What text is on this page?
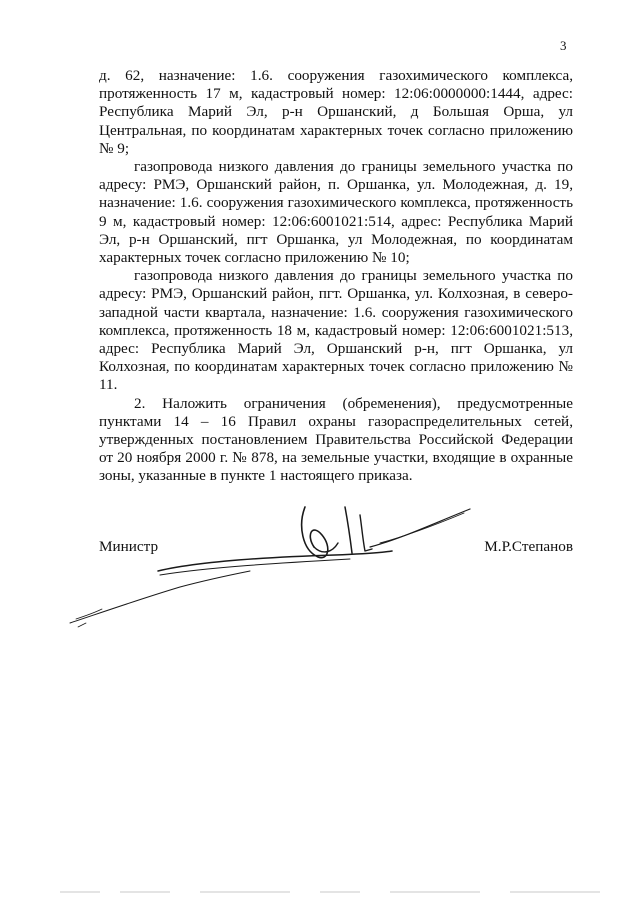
3

д. 62, назначение: 1.6. сооружения газохимического комплекса, протяженность 17 м, кадастровый номер: 12:06:0000000:1444, адрес: Республика Марий Эл, р-н Оршанский, д Большая Орша, ул Центральная, по координатам характерных точек согласно приложению № 9;

газопровода низкого давления до границы земельного участка по адресу: РМЭ, Оршанский район, п. Оршанка, ул. Молодежная, д. 19, назначение: 1.6. сооружения газохимического комплекса, протяженность 9 м, кадастровый номер: 12:06:6001021:514, адрес: Республика Марий Эл, р-н Оршанский, пгт Оршанка, ул Молодежная, по координатам характерных точек согласно приложению № 10;

газопровода низкого давления до границы земельного участка по адресу: РМЭ, Оршанский район, пгт. Оршанка, ул. Колхозная, в северо-западной части квартала, назначение: 1.6. сооружения газохимического комплекса, протяженность 18 м, кадастровый номер: 12:06:6001021:513, адрес: Республика Марий Эл, Оршанский р-н, пгт Оршанка, ул Колхозная, по координатам характерных точек согласно приложению № 11.

2. Наложить ограничения (обременения), предусмотренные пунктами 14 – 16 Правил охраны газораспределительных сетей, утвержденных постановлением Правительства Российской Федерации от 20 ноября 2000 г. № 878, на земельные участки, входящие в охранные зоны, указанные в пункте 1 настоящего приказа.

Министр	М.Р.Степанов
